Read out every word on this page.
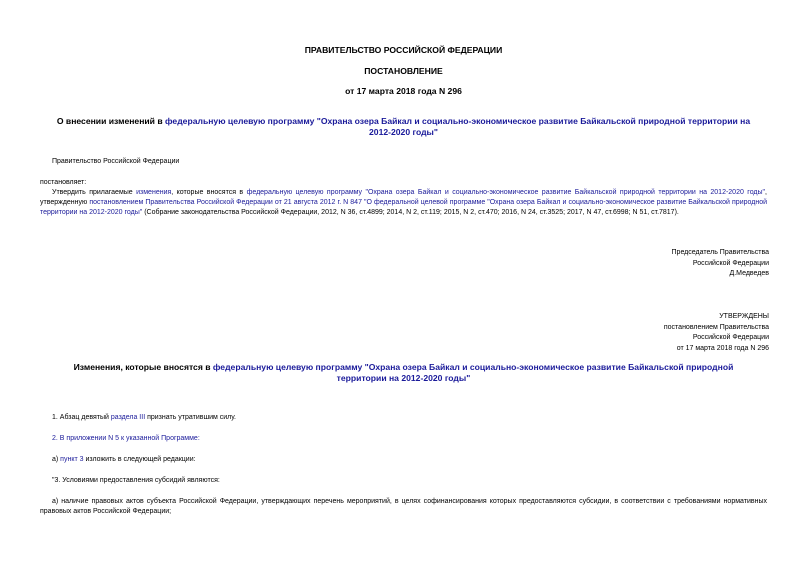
ПРАВИТЕЛЬСТВО РОССИЙСКОЙ ФЕДЕРАЦИИ
ПОСТАНОВЛЕНИЕ
от 17 марта 2018 года N 296
О внесении изменений в федеральную целевую программу "Охрана озера Байкал и социально-экономическое развитие Байкальской природной территории на 2012-2020 годы"
Правительство Российской Федерации
постановляет:
Утвердить прилагаемые изменения, которые вносятся в федеральную целевую программу "Охрана озера Байкал и социально-экономическое развитие Байкальской природной территории на 2012-2020 годы", утвержденную постановлением Правительства Российской Федерации от 21 августа 2012 г. N 847 "О федеральной целевой программе "Охрана озера Байкал и социально-экономическое развитие Байкальской природной территории на 2012-2020 годы" (Собрание законодательства Российской Федерации, 2012, N 36, ст.4899; 2014, N 2, ст.119; 2015, N 2, ст.470; 2016, N 24, ст.3525; 2017, N 47, ст.6998; N 51, ст.7817).
Председатель Правительства
Российской Федерации
Д.Медведев
УТВЕРЖДЕНЫ
постановлением Правительства
Российской Федерации
от 17 марта 2018 года N 296
Изменения, которые вносятся в федеральную целевую программу "Охрана озера Байкал и социально-экономическое развитие Байкальской природной территории на 2012-2020 годы"
1. Абзац девятый раздела III признать утратившим силу.
2. В приложении N 5 к указанной Программе:
а) пункт 3 изложить в следующей редакции:
"3. Условиями предоставления субсидий являются:
а) наличие правовых актов субъекта Российской Федерации, утверждающих перечень мероприятий, в целях софинансирования которых предоставляются субсидии, в соответствии с требованиями нормативных правовых актов Российской Федерации;
